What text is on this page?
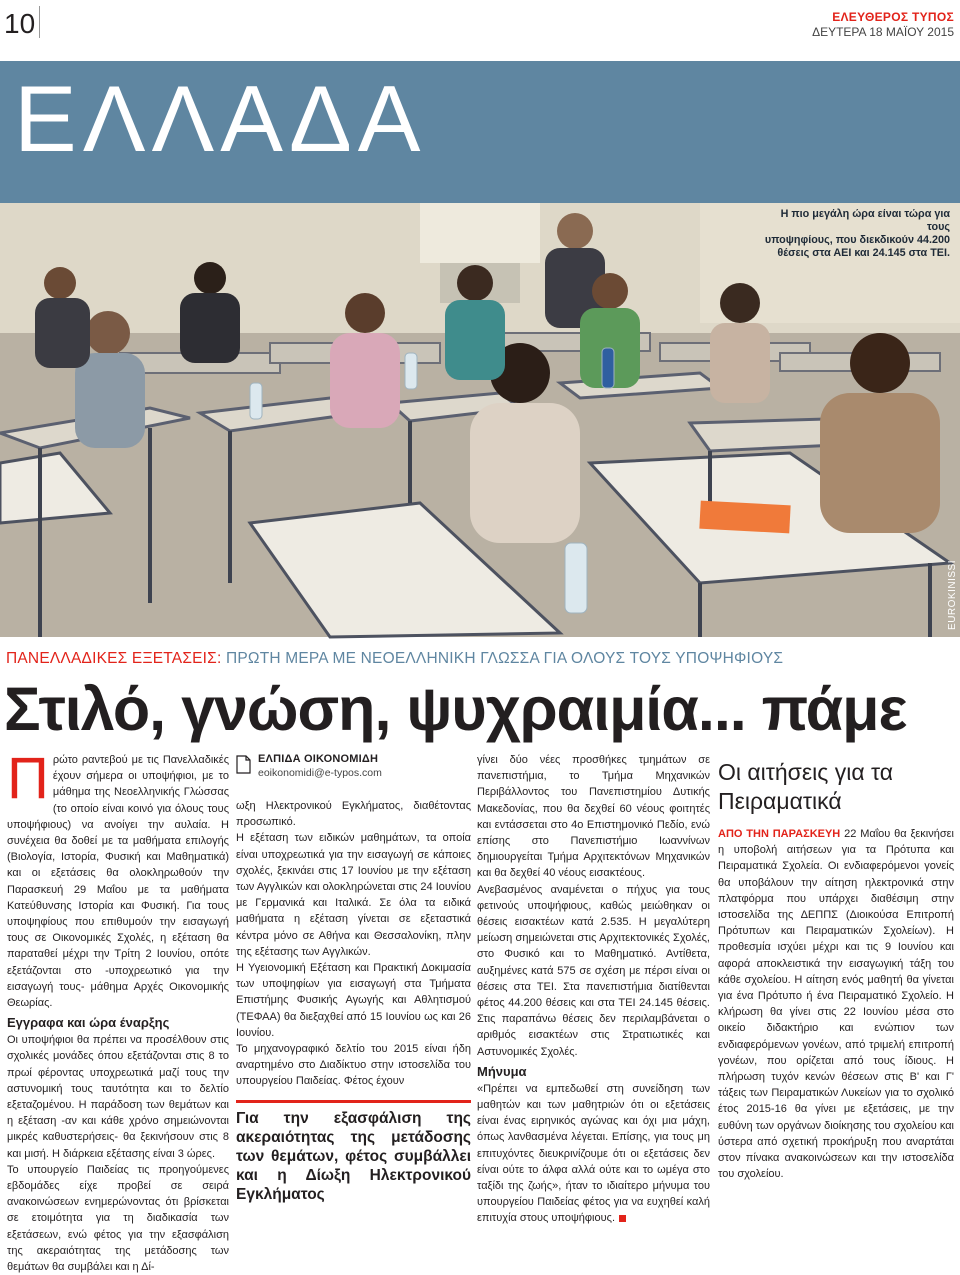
10	ΕΛΕΥΘΕΡΟΣ ΤΥΠΟΣ
ΔΕΥΤΕΡΑ 18 ΜΑΪΟΥ 2015
ΕΛΛΑΔΑ
Η πιο μεγάλη ώρα είναι τώρα για τους
υποψηφίους, που διεκδικούν 44.200
θέσεις στα ΑΕΙ και 24.145 στα ΤΕΙ.
EUROKINISSI
ΠΑΝΕΛΛΑΔΙΚΕΣ ΕΞΕΤΑΣΕΙΣ: ΠΡΩΤΗ ΜΕΡΑ ΜΕ ΝΕΟΕΛΛΗΝΙΚΗ ΓΛΩΣΣΑ ΓΙΑ ΟΛΟΥΣ ΤΟΥΣ ΥΠΟΨΗΦΙΟΥΣ
Στιλό, γνώση, ψυχραιμία... πάμε

Π ρώτο ραντεβού με τις Πανελλαδικές έχουν σήμερα οι υποψήφιοι, με το μάθημα της Νεοελληνικής Γλώσσας (το οποίο είναι κοινό για όλους τους υποψήφιους) να ανοίγει την αυλαία. Η συνέχεια θα δοθεί με τα μαθήματα επιλογής (Βιολογία, Ιστορία, Φυσική και Μαθηματικά) και οι εξετάσεις θα ολοκληρωθούν την Παρασκευή 29 Μαΐου με τα μαθήματα Κατεύθυνσης Ιστορία και Φυσική. Για τους υποψηφίους που επιθυμούν την εισαγωγή τους σε Οικονομικές Σχολές, η εξέταση θα παραταθεί μέχρι την Τρίτη 2 Ιουνίου, οπότε εξετάζονται στο -υποχρεωτικό για την εισαγωγή τους- μάθημα Αρχές Οικονομικής Θεωρίας.

Εγγραφα και ώρα έναρξης

Οι υποψήφιοι θα πρέπει να προσέλθουν στις σχολικές μονάδες όπου εξετάζονται στις 8 το πρωί φέροντας υποχρεωτικά μαζί τους την αστυνομική τους ταυτότητα και το δελτίο εξεταζομένου. Η παράδοση των θεμάτων και η εξέταση -αν και κάθε χρόνο σημειώνονται μικρές καθυστερήσεις- θα ξεκινήσουν στις 8 και μισή. Η διάρκεια εξέτασης είναι 3 ώρες.

Το υπουργείο Παιδείας τις προηγούμενες εβδομάδες είχε προβεί σε σειρά ανακοινώσεων ενημερώνοντας ότι βρίσκεται σε ετοιμότητα για τη διαδικασία των εξετάσεων, ενώ φέτος για την εξασφάλιση της ακεραιότητας της μετάδοσης των θεμάτων θα συμβάλει και η Δί-

ΕΛΠΙΔΑ ΟΙΚΟΝΟΜΙΔΗ
eoikonomidi@e-typos.com

ωξη Ηλεκτρονικού Εγκλήματος, διαθέτοντας προσωπικό.

Η εξέταση των ειδικών μαθημάτων, τα οποία είναι υποχρεωτικά για την εισαγωγή σε κάποιες σχολές, ξεκινάει στις 17 Ιουνίου με την εξέταση των Αγγλικών και ολοκληρώνεται στις 24 Ιουνίου με Γερμανικά και Ιταλικά. Σε όλα τα ειδικά μαθήματα η εξέταση γίνεται σε εξεταστικά κέντρα μόνο σε Αθήνα και Θεσσαλονίκη, πλην της εξέτασης των Αγγλικών.

Η Υγειονομική Εξέταση και Πρακτική Δοκιμασία των υποψηφίων για εισαγωγή στα Τμήματα Επιστήμης Φυσικής Αγωγής και Αθλητισμού (ΤΕΦΑΑ) θα διεξαχθεί από 15 Ιουνίου ως και 26 Ιουνίου.

Το μηχανογραφικό δελτίο του 2015 είναι ήδη αναρτημένο στο Διαδίκτυο στην ιστοσελίδα του υπουργείου Παιδείας. Φέτος έχουν

Για την εξασφάλιση της ακεραιότητας της μετάδοσης των θεμάτων, φέτος συμβάλλει και η Δίωξη Ηλεκτρονικού Εγκλήματος

γίνει δύο νέες προσθήκες τμημάτων σε πανεπιστήμια, το Τμήμα Μηχανικών Περιβάλλοντος του Πανεπιστημίου Δυτικής Μακεδονίας, που θα δεχθεί 60 νέους φοιτητές και εντάσσεται στο 4ο Επιστημονικό Πεδίο, ενώ επίσης στο Πανεπιστήμιο Ιωαννίνων δημιουργείται Τμήμα Αρχιτεκτόνων Μηχανικών και θα δεχθεί 40 νέους εισακτέους.

Ανεβασμένος αναμένεται ο πήχυς για τους φετινούς υποψήφιους, καθώς μειώθηκαν οι θέσεις εισακτέων κατά 2.535. Η μεγαλύτερη μείωση σημειώνεται στις Αρχιτεκτονικές Σχολές, στο Φυσικό και το Μαθηματικό. Αντίθετα, αυξημένες κατά 575 σε σχέση με πέρσι είναι οι θέσεις στα ΤΕΙ. Στα πανεπιστήμια διατίθενται φέτος 44.200 θέσεις και στα ΤΕΙ 24.145 θέσεις. Στις παραπάνω θέσεις δεν περιλαμβάνεται ο αριθμός εισακτέων στις Στρατιωτικές και Αστυνομικές Σχολές.

Μήνυμα

«Πρέπει να εμπεδωθεί στη συνείδηση των μαθητών και των μαθητριών ότι οι εξετάσεις είναι ένας ειρηνικός αγώνας και όχι μια μάχη, όπως λανθασμένα λέγεται. Επίσης, για τους μη επιτυχόντες διευκρινίζουμε ότι οι εξετάσεις δεν είναι ούτε το άλφα αλλά ούτε και το ωμέγα στο ταξίδι της ζωής», ήταν το ιδιαίτερο μήνυμα του υπουργείου Παιδείας φέτος για να ευχηθεί καλή επιτυχία στους υποψήφιους.

Οι αιτήσεις για τα Πειραματικά
ΑΠΟ ΤΗΝ ΠΑΡΑΣΚΕΥΗ 22 Μαΐου θα ξεκινήσει η υποβολή αιτήσεων για τα Πρότυπα και Πειραματικά Σχολεία. Οι ενδιαφερόμενοι γονείς θα υποβάλουν την αίτηση ηλεκτρονικά στην πλατφόρμα που υπάρχει διαθέσιμη στην ιστοσελίδα της ΔΕΠΠΣ (Διοικούσα Επιτροπή Πρότυπων και Πειραματικών Σχολείων). Η προθεσμία ισχύει μέχρι και τις 9 Ιουνίου και αφορά αποκλειστικά την εισαγωγική τάξη του κάθε σχολείου. Η αίτηση ενός μαθητή θα γίνεται για ένα Πρότυπο ή ένα Πειραματικό Σχολείο. Η κλήρωση θα γίνει στις 22 Ιουνίου μέσα στο οικείο διδακτήριο και ενώπιον των ενδιαφερόμενων γονέων, από τριμελή επιτροπή γονέων, που ορίζεται από τους ίδιους. Η πλήρωση τυχόν κενών θέσεων στις Β' και Γ' τάξεις των Πειραματικών Λυκείων για το σχολικό έτος 2015-16 θα γίνει με εξετάσεις, με την ευθύνη των οργάνων διοίκησης του σχολείου και ύστερα από σχετική προκήρυξη που αναρτάται στον πίνακα ανακοινώσεων και την ιστοσελίδα του σχολείου.
